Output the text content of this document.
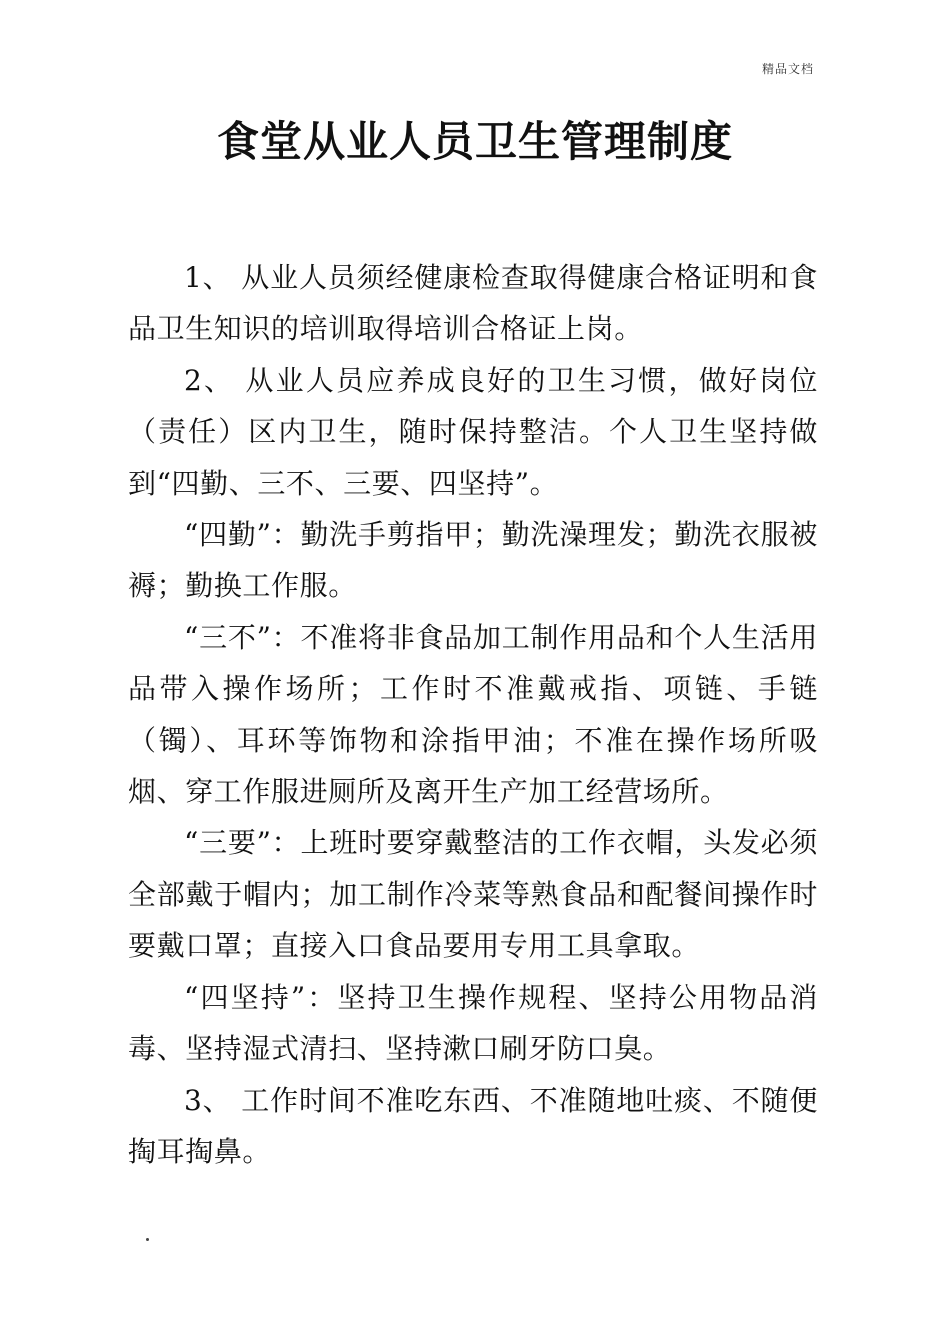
精品文档
食堂从业人员卫生管理制度

1、 从业人员须经健康检查取得健康合格证明和食品卫生知识的培训取得培训合格证上岗。

2、 从业人员应养成良好的卫生习惯，做好岗位（责任）区内卫生，随时保持整洁。个人卫生坚持做到“四勤、三不、三要、四坚持”。

“四勤”：勤洗手剪指甲；勤洗澡理发；勤洗衣服被褥；勤换工作服。

“三不”：不准将非食品加工制作用品和个人生活用品带入操作场所；工作时不准戴戒指、项链、手链（镯）、耳环等饰物和涂指甲油；不准在操作场所吸烟、穿工作服进厕所及离开生产加工经营场所。

“三要”：上班时要穿戴整洁的工作衣帽，头发必须全部戴于帽内；加工制作冷菜等熟食品和配餐间操作时要戴口罩；直接入口食品要用专用工具拿取。

“四坚持”：坚持卫生操作规程、坚持公用物品消毒、坚持湿式清扫、坚持漱口刷牙防口臭。

3、 工作时间不准吃东西、不准随地吐痰、不随便掏耳掏鼻。
